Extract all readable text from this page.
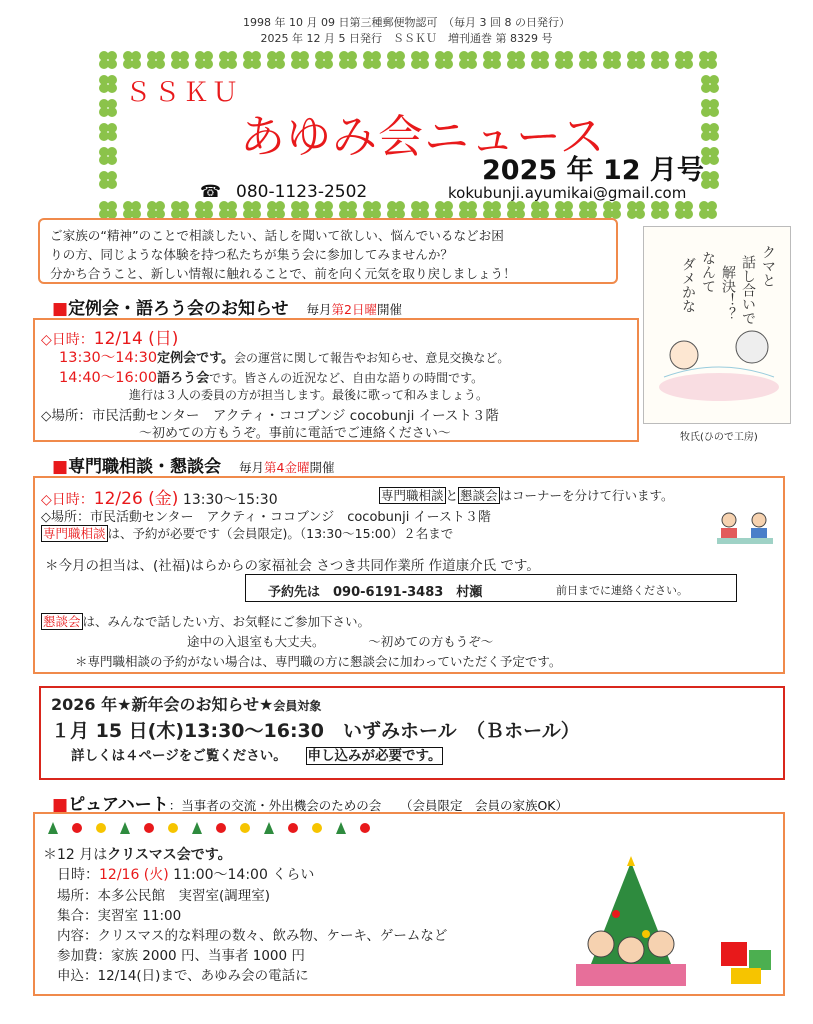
1998 年 10 月 09 日第三種郵便物認可　（毎月 3 回 8 の日発行）
2025 年 12 月 5 日発行　ＳＳＫＵ　増刊通巻 第 8329 号
ＳＳＫＵ
あゆみ会ニュース
2025 年 12 月号
☎ 080-1123-2502	kokubunji.ayumikai@gmail.com
ご家族の“精神”のことで相談したい、話しを聞いて欲しい、悩んでいるなどお困
りの方、同じような体験を持つ私たちが集う会に参加してみませんか？
分かち合うこと、新しい情報に触れることで、前を向く元気を取り戻しましょう！	クマと
話し合いで
解決！？
なんて
ダメかな
牧氏(ひので工房)
■定例会・語ろう会のお知らせ 毎月第2日曜開催
◇日時：12/14 (日)
13:30～14:30定例会です。会の運営に関して報告やお知らせ、意見交換など。
14:40～16:00語ろう会です。皆さんの近況など、自由な語りの時間です。
進行は３人の委員の方が担当します。最後に歌って和みましょう。
◇場所：市民活動センター　アクティ・ココブンジ cocobunji イースト３階
～初めての方もうぞ。事前に電話でご連絡ください～
■専門職相談・懇談会 毎月第4金曜開催
◇日時：12/26 (金) 13:30～15:30	専門職相談 と 懇談会 はコーナーを分けて行います。
◇場所：市民活動センター　アクティ・ココブンジ　cocobunji イースト３階
専門職相談 は、予約が必要です（会員限定)。（13:30～15:00）２名まで
＊今月の担当は、(社福)はらからの家福祉会 さつき共同作業所 作道康介氏 です。
予約先は　090-6191-3483　村瀬	前日までに連絡ください。
懇談会 は、みんなで話したい方、お気軽にご参加下さい。
途中の入退室も大丈夫。　　　　～初めての方もうぞ～
＊専門職相談の予約がない場合は、専門職の方に懇談会に加わっていただく予定です。
2026 年★新年会のお知らせ★会員対象
１月 15 日(木)13:30～16:30　いずみホール　（Ｂホール）
詳しくは４ページをご覧ください。 申し込みが必要です。
■ピュアハート：当事者の交流・外出機会のための会　　（会員限定　会員の家族OK）
＊12 月はクリスマス会です。
日時：12/16 (火) 11:00～14:00 くらい
場所：本多公民館　実習室(調理室)
集合：実習室 11:00
内容：クリスマス的な料理の数々、飲み物、ケーキ、ゲームなど
参加費：家族 2000 円、当事者 1000 円
申込：12/14(日)まで、あゆみ会の電話に
